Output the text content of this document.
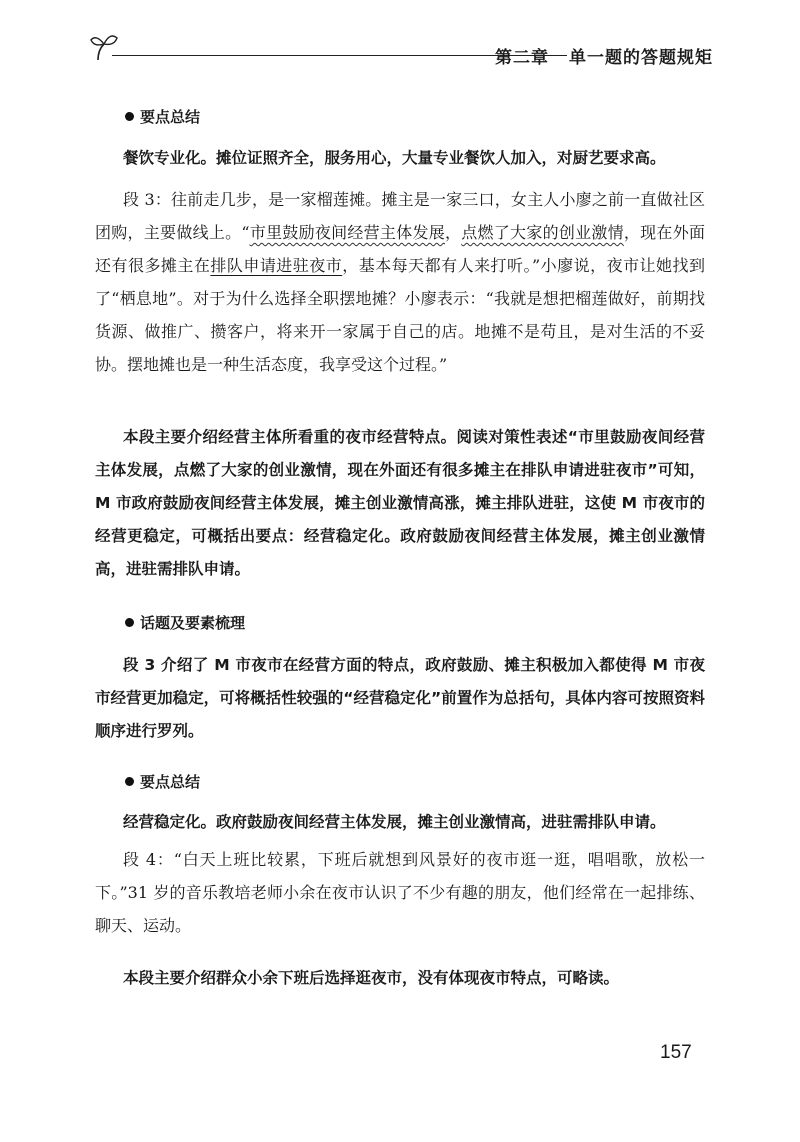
第二章 单一题的答题规矩
要点总结

餐饮专业化。摊位证照齐全，服务用心，大量专业餐饮人加入，对厨艺要求高。

段 3：往前走几步，是一家榴莲摊。摊主是一家三口，女主人小廖之前一直做社区团购，主要做线上。“市里鼓励夜间经营主体发展，点燃了大家的创业激情，现在外面还有很多摊主在排队申请进驻夜市，基本每天都有人来打听。”小廖说，夜市让她找到了“栖息地”。对于为什么选择全职摆地摊？小廖表示：“我就是想把榴莲做好，前期找货源、做推广、攒客户，将来开一家属于自己的店。地摊不是苟且，是对生活的不妥协。摆地摊也是一种生活态度，我享受这个过程。”

本段主要介绍经营主体所看重的夜市经营特点。阅读对策性表述“市里鼓励夜间经营主体发展，点燃了大家的创业激情，现在外面还有很多摊主在排队申请进驻夜市”可知，M 市政府鼓励夜间经营主体发展，摊主创业激情高涨，摊主排队进驻，这使 M 市夜市的经营更稳定，可概括出要点：经营稳定化。政府鼓励夜间经营主体发展，摊主创业激情高，进驻需排队申请。

话题及要素梳理

段 3 介绍了 M 市夜市在经营方面的特点，政府鼓励、摊主积极加入都使得 M 市夜市经营更加稳定，可将概括性较强的“经营稳定化”前置作为总括句，具体内容可按照资料顺序进行罗列。

要点总结

经营稳定化。政府鼓励夜间经营主体发展，摊主创业激情高，进驻需排队申请。

段 4：“白天上班比较累，下班后就想到风景好的夜市逛一逛，唱唱歌，放松一下。”31 岁的音乐教培老师小余在夜市认识了不少有趣的朋友，他们经常在一起排练、聊天、运动。

本段主要介绍群众小余下班后选择逛夜市，没有体现夜市特点，可略读。

157
